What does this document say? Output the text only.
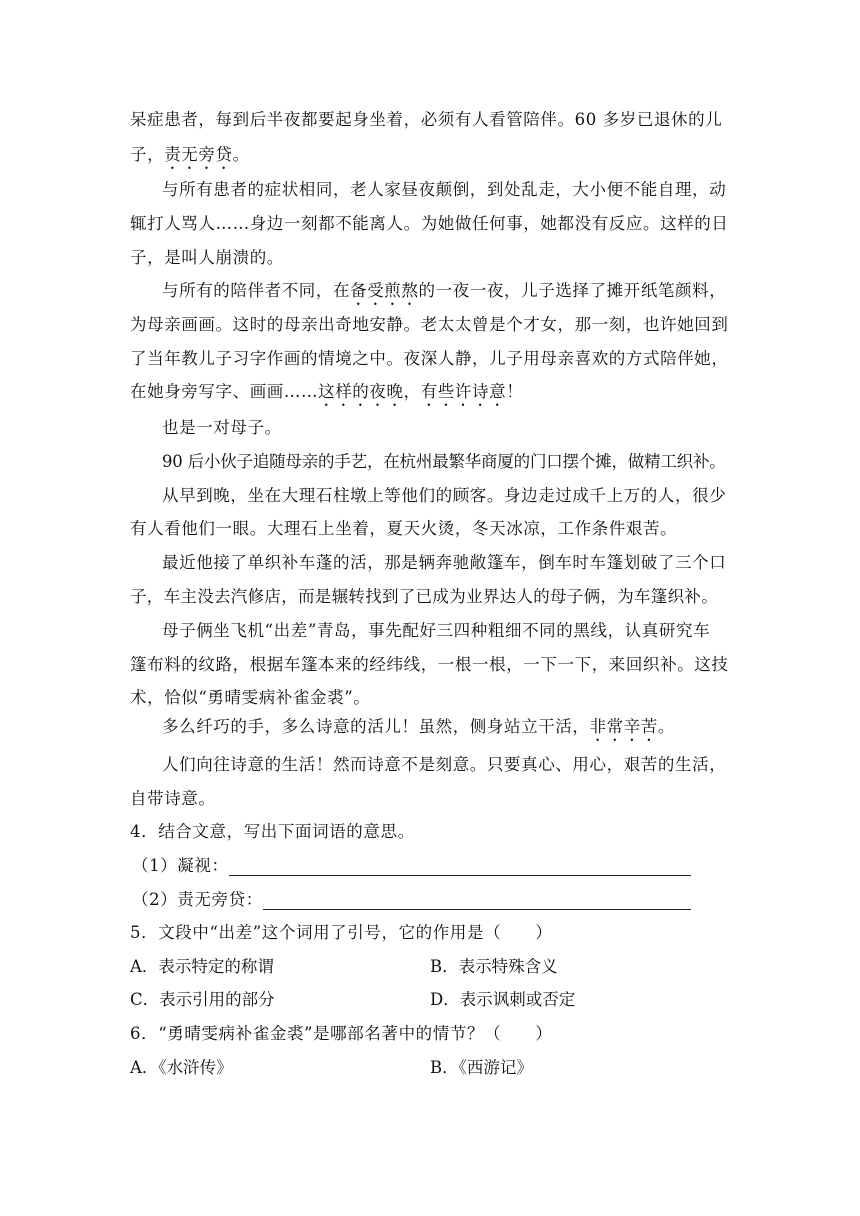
呆症患者，每到后半夜都要起身坐着，必须有人看管陪伴。60 多岁已退休的儿
子，责无旁贷。
与所有患者的症状相同，老人家昼夜颠倒，到处乱走，大小便不能自理，动
辄打人骂人……身边一刻都不能离人。为她做任何事，她都没有反应。这样的日
子，是叫人崩溃的。
与所有的陪伴者不同，在备受煎熬的一夜一夜，儿子选择了摊开纸笔颜料，
为母亲画画。这时的母亲出奇地安静。老太太曾是个才女，那一刻，也许她回到
了当年教儿子习字作画的情境之中。夜深人静，儿子用母亲喜欢的方式陪伴她，
在她身旁写字、画画……这样的夜晚，有些许诗意！
也是一对母子。
90 后小伙子追随母亲的手艺，在杭州最繁华商厦的门口摆个摊，做精工织补。
从早到晚，坐在大理石柱墩上等他们的顾客。身边走过成千上万的人，很少
有人看他们一眼。大理石上坐着，夏天火烫，冬天冰凉，工作条件艰苦。
最近他接了单织补车蓬的活，那是辆奔驰敞篷车，倒车时车篷划破了三个口
子，车主没去汽修店，而是辗转找到了已成为业界达人的母子俩，为车篷织补。
母子俩坐飞机“出差”青岛，事先配好三四种粗细不同的黑线，认真研究车
篷布料的纹路，根据车篷本来的经纬线，一根一根，一下一下，来回织补。这技
术，恰似“勇晴雯病补雀金裘”。
多么纤巧的手，多么诗意的活儿！虽然，侧身站立干活，非常辛苦。
人们向往诗意的生活！然而诗意不是刻意。只要真心、用心，艰苦的生活，
自带诗意。
4．结合文意，写出下面词语的意思。
（1）凝视：
（2）责无旁贷：
5．文段中“出差”这个词用了引号，它的作用是（　　）
A．表示特定的称谓	B．表示特殊含义
C．表示引用的部分	D．表示讽刺或否定
6．“勇晴雯病补雀金裘”是哪部名著中的情节？（　　）
A．《水浒传》	B．《西游记》
